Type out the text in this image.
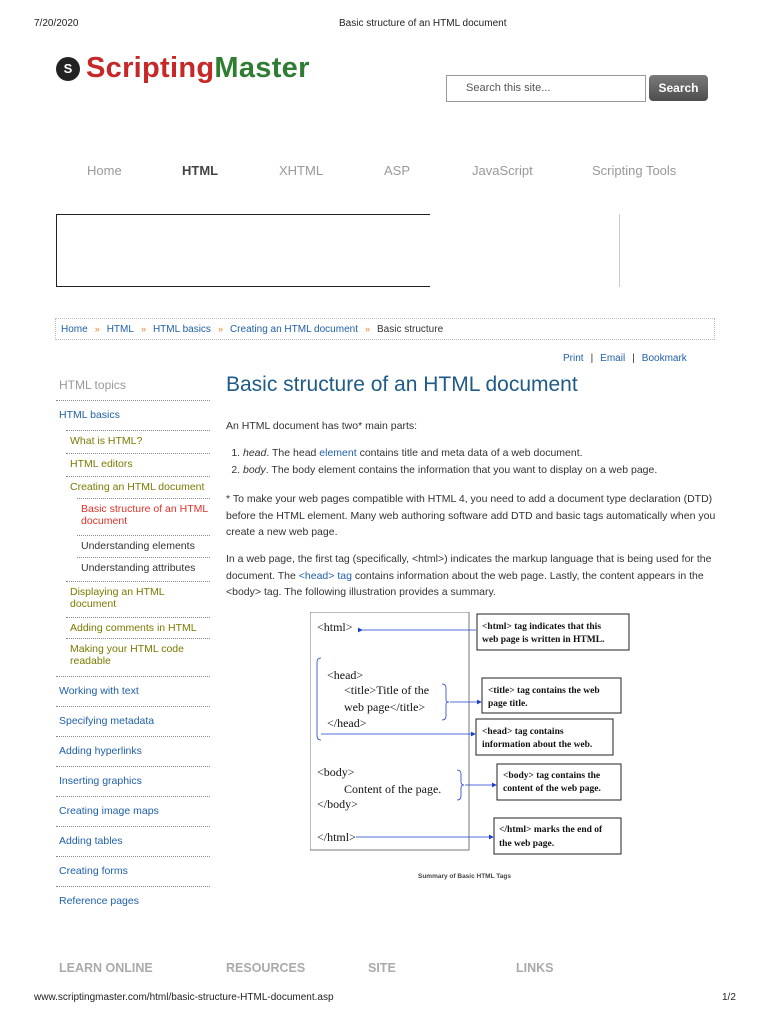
7/20/2020	Basic structure of an HTML document
S ScriptingMaster
Search this site...	Search
Home	HTML	XHTML	ASP	JavaScript	Scripting Tools
Home » HTML » HTML basics » Creating an HTML document » Basic structure
Print | Email | Bookmark
HTML topics
HTML basics
What is HTML?
HTML editors
Creating an HTML document
Basic structure of an HTML document
Understanding elements
Understanding attributes
Displaying an HTML document
Adding comments in HTML
Making your HTML code readable
Working with text
Specifying metadata
Adding hyperlinks
Inserting graphics
Creating image maps
Adding tables
Creating forms
Reference pages
Basic structure of an HTML document
An HTML document has two* main parts:
1. head. The head element contains title and meta data of a web document.
2. body. The body element contains the information that you want to display on a web page.
* To make your web pages compatible with HTML 4, you need to add a document type declaration (DTD) before the HTML element. Many web authoring software add DTD and basic tags automatically when you create a new web page.
In a web page, the first tag (specifically, <html>) indicates the markup language that is being used for the document. The <head> tag contains information about the web page. Lastly, the content appears in the <body> tag. The following illustration provides a summary.
<html>
<head>
<title>Title of the
web page</title>
</head>
<body>
Content of the page.
</body>
</html>
<html> tag indicates that this
web page is written in HTML.
<title> tag contains the web
page title.
<head> tag contains
information about the web.
<body> tag contains the
content of the web page.
</html> marks the end of
the web page.
Summary of Basic HTML Tags
LEARN ONLINE	RESOURCES	SITE	LINKS
www.scriptingmaster.com/html/basic-structure-HTML-document.asp	1/2
